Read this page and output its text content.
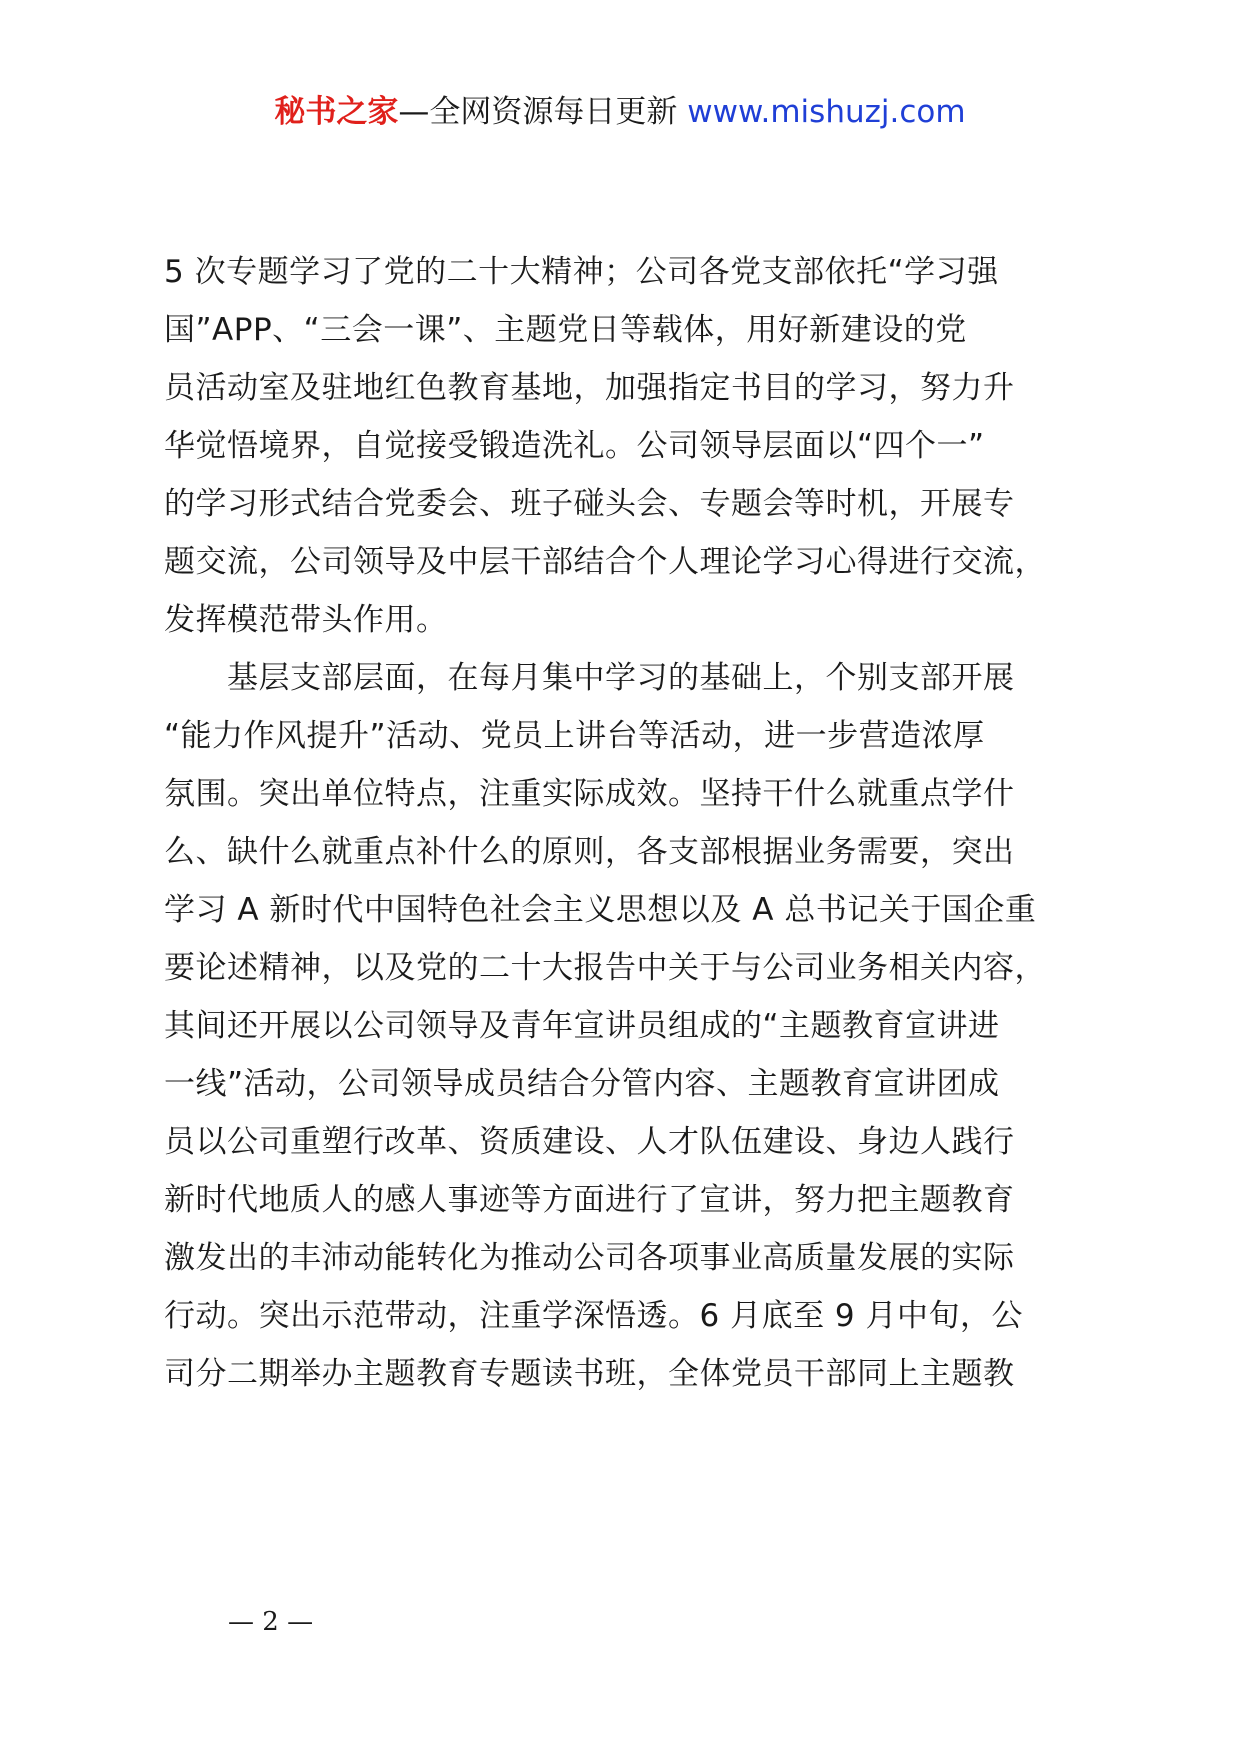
秘书之家—全网资源每日更新 www.mishuzj.com
5 次专题学习了党的二十大精神；公司各党支部依托“学习强
国”APP、“三会一课”、主题党日等载体，用好新建设的党
员活动室及驻地红色教育基地，加强指定书目的学习，努力升
华觉悟境界，自觉接受锻造洗礼。公司领导层面以“四个一”
的学习形式结合党委会、班子碰头会、专题会等时机，开展专
题交流，公司领导及中层干部结合个人理论学习心得进行交流，
发挥模范带头作用。
　　基层支部层面，在每月集中学习的基础上，个别支部开展
“能力作风提升”活动、党员上讲台等活动，进一步营造浓厚
氛围。突出单位特点，注重实际成效。坚持干什么就重点学什
么、缺什么就重点补什么的原则，各支部根据业务需要，突出
学习 A 新时代中国特色社会主义思想以及 A 总书记关于国企重
要论述精神，以及党的二十大报告中关于与公司业务相关内容，
其间还开展以公司领导及青年宣讲员组成的“主题教育宣讲进
一线”活动，公司领导成员结合分管内容、主题教育宣讲团成
员以公司重塑行改革、资质建设、人才队伍建设、身边人践行
新时代地质人的感人事迹等方面进行了宣讲，努力把主题教育
激发出的丰沛动能转化为推动公司各项事业高质量发展的实际
行动。突出示范带动，注重学深悟透。6 月底至 9 月中旬，公
司分二期举办主题教育专题读书班，全体党员干部同上主题教
— 2 —
